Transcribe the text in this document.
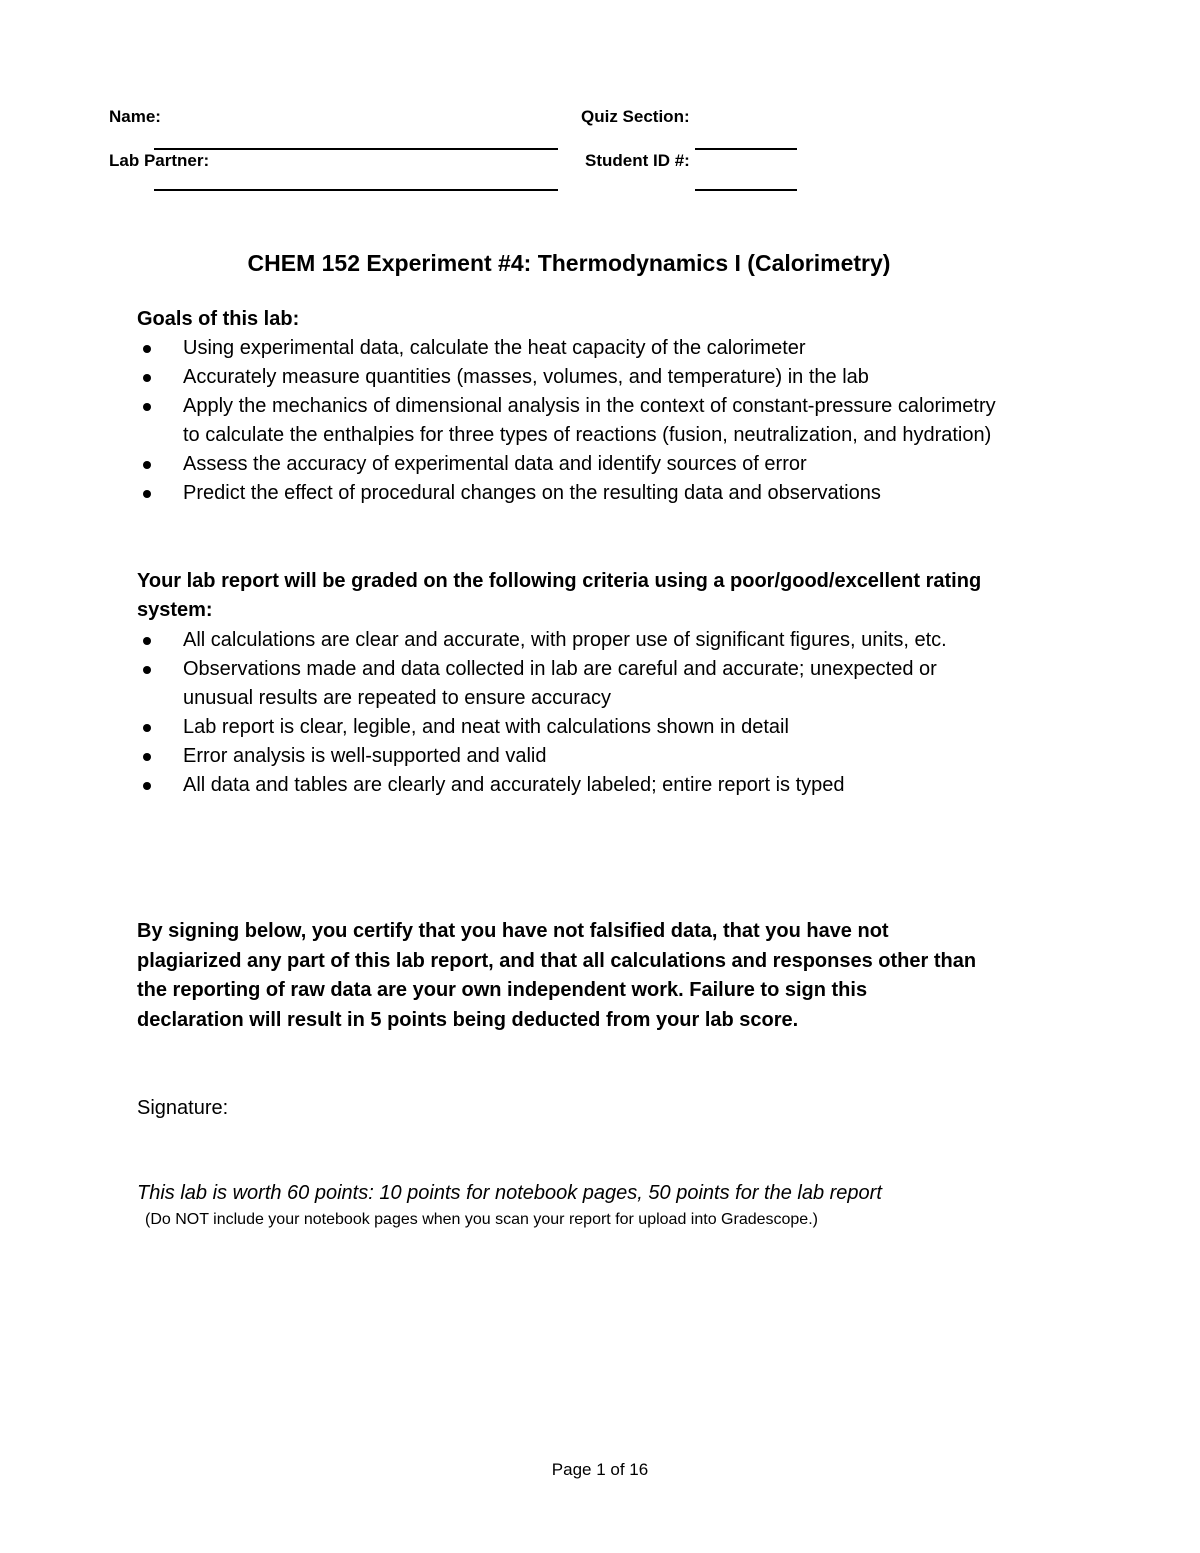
Name:
Lab Partner:
Quiz Section:
Student ID #:
CHEM 152 Experiment #4: Thermodynamics I (Calorimetry)
Goals of this lab:
Using experimental data, calculate the heat capacity of the calorimeter
Accurately measure quantities (masses, volumes, and temperature) in the lab
Apply the mechanics of dimensional analysis in the context of constant-pressure calorimetry to calculate the enthalpies for three types of reactions (fusion, neutralization, and hydration)
Assess the accuracy of experimental data and identify sources of error
Predict the effect of procedural changes on the resulting data and observations
Your lab report will be graded on the following criteria using a poor/good/excellent rating system:
All calculations are clear and accurate, with proper use of significant figures, units, etc.
Observations made and data collected in lab are careful and accurate; unexpected or unusual results are repeated to ensure accuracy
Lab report is clear, legible, and neat with calculations shown in detail
Error analysis is well-supported and valid
All data and tables are clearly and accurately labeled; entire report is typed
By signing below, you certify that you have not falsified data, that you have not plagiarized any part of this lab report, and that all calculations and responses other than the reporting of raw data are your own independent work. Failure to sign this declaration will result in 5 points being deducted from your lab score.
Signature:
This lab is worth 60 points: 10 points for notebook pages, 50 points for the lab report
(Do NOT include your notebook pages when you scan your report for upload into Gradescope.)
Page 1 of 16
